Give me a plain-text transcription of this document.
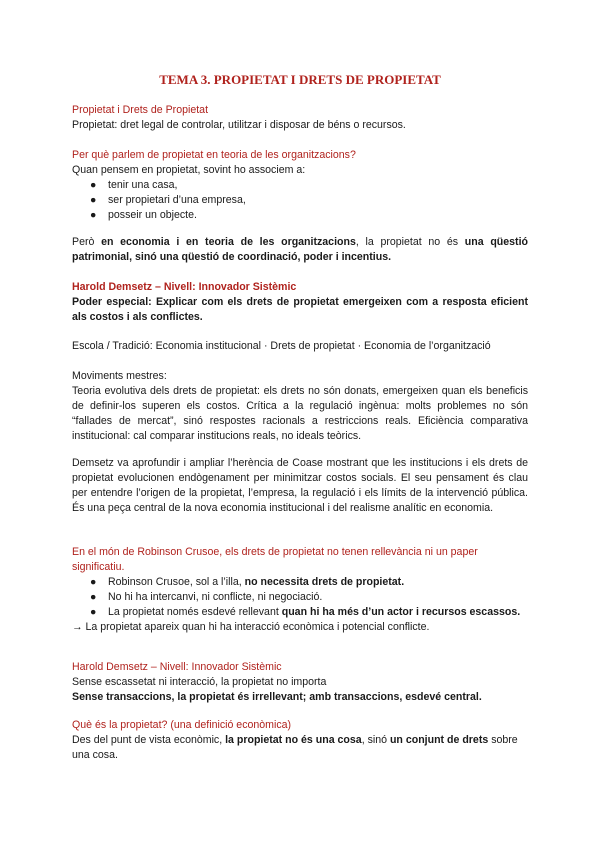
TEMA 3. PROPIETAT I DRETS DE PROPIETAT
Propietat i Drets de Propietat
Propietat: dret legal de controlar, utilitzar i disposar de béns o recursos.
Per què parlem de propietat en teoria de les organitzacions?
Quan pensem en propietat, sovint ho associem a:
● tenir una casa,
● ser propietari d’una empresa,
● posseir un objecte.
Però en economia i en teoria de les organitzacions, la propietat no és una qüestió patrimonial, sinó una qüestió de coordinació, poder i incentius.
Harold Demsetz – Nivell: Innovador Sistèmic
Poder especial: Explicar com els drets de propietat emergeixen com a resposta eficient als costos i als conflictes.
Escola / Tradició: Economia institucional · Drets de propietat · Economia de l’organització
Moviments mestres:
Teoria evolutiva dels drets de propietat: els drets no són donats, emergeixen quan els beneficis de definir-los superen els costos. Crítica a la regulació ingènua: molts problemes no són “fallades de mercat”, sinó respostes racionals a restriccions reals. Eficiència comparativa institucional: cal comparar institucions reals, no ideals teòrics.
Demsetz va aprofundir i ampliar l’herència de Coase mostrant que les institucions i els drets de propietat evolucionen endògenament per minimitzar costos socials. El seu pensament és clau per entendre l’origen de la propietat, l’empresa, la regulació i els límits de la intervenció pública. És una peça central de la nova economia institucional i del realisme analític en economia.
En el món de Robinson Crusoe, els drets de propietat no tenen rellevància ni un paper significatiu.
● Robinson Crusoe, sol a l’illa, no necessita drets de propietat.
● No hi ha intercanvi, ni conflicte, ni negociació.
● La propietat només esdevé rellevant quan hi ha més d’un actor i recursos escassos.
→ La propietat apareix quan hi ha interacció econòmica i potencial conflicte.
Harold Demsetz – Nivell: Innovador Sistèmic
Sense escassetat ni interacció, la propietat no importa
Sense transaccions, la propietat és irrellevant; amb transaccions, esdevé central.
Què és la propietat? (una definició econòmica)
Des del punt de vista econòmic, la propietat no és una cosa, sinó un conjunt de drets sobre una cosa.
